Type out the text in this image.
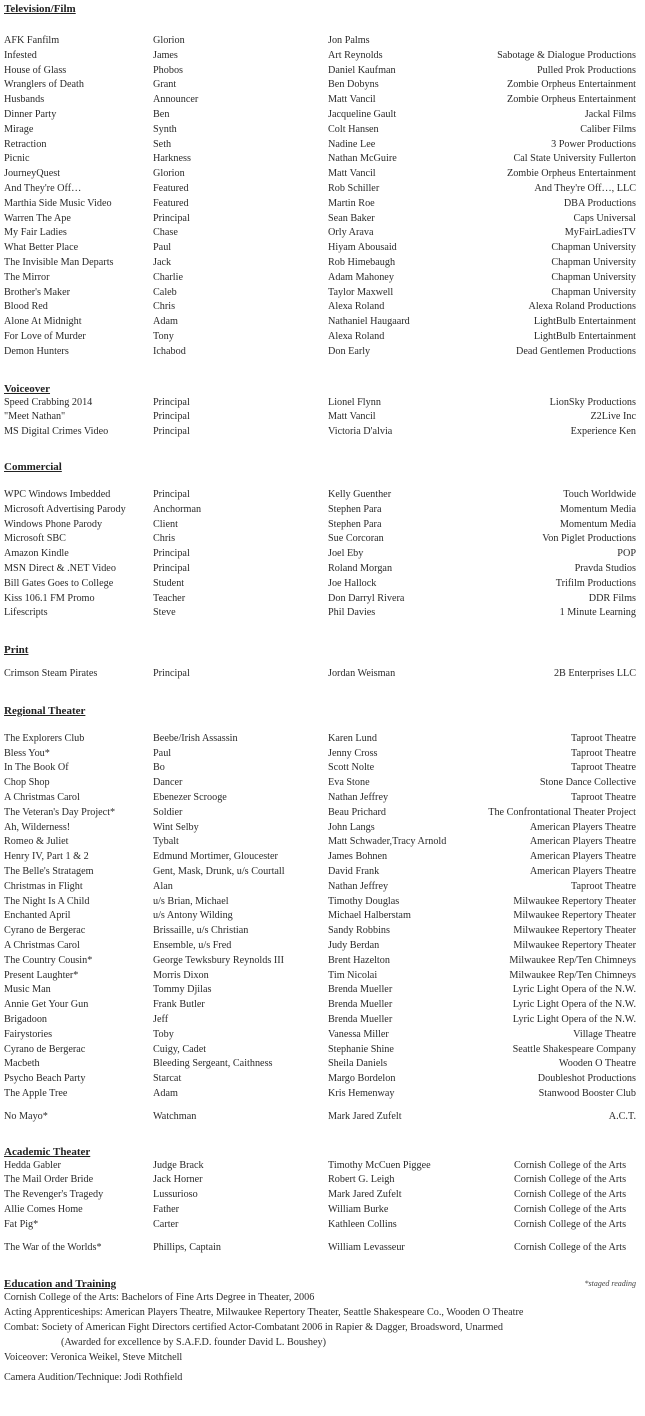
Television/Film
AFK Fanfilm	Glorion	Jon Palms
Infested	James	Art Reynolds	Sabotage & Dialogue Productions
House of Glass	Phobos	Daniel Kaufman	Pulled Prok Productions
Wranglers of Death	Grant	Ben Dobyns	Zombie Orpheus Entertainment
Husbands	Announcer	Matt Vancil	Zombie Orpheus Entertainment
Dinner Party	Ben	Jacqueline Gault	Jackal Films
Mirage	Synth	Colt Hansen	Caliber Films
Retraction	Seth	Nadine Lee	3 Power Productions
Picnic	Harkness	Nathan McGuire	Cal State University Fullerton
JourneyQuest	Glorion	Matt Vancil	Zombie Orpheus Entertainment
And They're Off…	Featured	Rob Schiller	And They're Off…, LLC
Marthia Side Music Video	Featured	Martin Roe	DBA Productions
Warren The Ape	Principal	Sean Baker	Caps Universal
My Fair Ladies	Chase	Orly Arava	MyFairLadiesTV
What Better Place	Paul	Hiyam Abousaid	Chapman University
The Invisible Man Departs	Jack	Rob Himebaugh	Chapman University
The Mirror	Charlie	Adam Mahoney	Chapman University
Brother's Maker	Caleb	Taylor Maxwell	Chapman University
Blood Red	Chris	Alexa Roland	Alexa Roland Productions
Alone At Midnight	Adam	Nathaniel Haugaard	LightBulb Entertainment
For Love of Murder	Tony	Alexa Roland	LightBulb Entertainment
Demon Hunters	Ichabod	Don Early	Dead Gentlemen Productions
Voiceover
Speed Crabbing 2014	Principal	Lionel Flynn	LionSky Productions
"Meet Nathan"	Principal	Matt Vancil	Z2Live Inc
MS Digital Crimes Video	Principal	Victoria D'alvia	Experience Ken
Commercial
WPC Windows Imbedded	Principal	Kelly Guenther	Touch Worldwide
Microsoft Advertising Parody	Anchorman	Stephen Para	Momentum Media
Windows Phone Parody	Client	Stephen Para	Momentum Media
Microsoft SBC	Chris	Sue Corcoran	Von Piglet Productions
Amazon Kindle	Principal	Joel Eby	POP
MSN Direct & .NET Video	Principal	Roland Morgan	Pravda Studios
Bill Gates Goes to College	Student	Joe Hallock	Trifilm Productions
Kiss 106.1 FM Promo	Teacher	Don Darryl Rivera	DDR Films
Lifescripts	Steve	Phil Davies	1 Minute Learning
Print
Crimson Steam Pirates	Principal	Jordan Weisman	2B Enterprises LLC
Regional Theater
The Explorers Club	Beebe/Irish Assassin	Karen Lund	Taproot Theatre
Bless You*	Paul	Jenny Cross	Taproot Theatre
In The Book Of	Bo	Scott Nolte	Taproot Theatre
Chop Shop	Dancer	Eva Stone	Stone Dance Collective
A Christmas Carol	Ebenezer Scrooge	Nathan Jeffrey	Taproot Theatre
The Veteran's Day Project*	Soldier	Beau Prichard	The Confrontational Theater Project
Ah, Wilderness!	Wint Selby	John Langs	American Players Theatre
Romeo & Juliet	Tybalt	Matt Schwader,Tracy Arnold	American Players Theatre
Henry IV, Part 1 & 2	Edmund Mortimer, Gloucester	James Bohnen	American Players Theatre
The Belle's Stratagem	Gent, Mask, Drunk, u/s Courtall	David Frank	American Players Theatre
Christmas in Flight	Alan	Nathan Jeffrey	Taproot Theatre
The Night Is A Child	u/s Brian, Michael	Timothy Douglas	Milwaukee Repertory Theater
Enchanted April	u/s Antony Wilding	Michael Halberstam	Milwaukee Repertory Theater
Cyrano de Bergerac	Brissaille, u/s Christian	Sandy Robbins	Milwaukee Repertory Theater
A Christmas Carol	Ensemble, u/s Fred	Judy Berdan	Milwaukee Repertory Theater
The Country Cousin*	George Tewksbury Reynolds III	Brent Hazelton	Milwaukee Rep/Ten Chimneys
Present Laughter*	Morris Dixon	Tim Nicolai	Milwaukee Rep/Ten Chimneys
Music Man	Tommy Djilas	Brenda Mueller	Lyric Light Opera of the N.W.
Annie Get Your Gun	Frank Butler	Brenda Mueller	Lyric Light Opera of the N.W.
Brigadoon	Jeff	Brenda Mueller	Lyric Light Opera of the N.W.
Fairystories	Toby	Vanessa Miller	Village Theatre
Cyrano de Bergerac	Cuigy, Cadet	Stephanie Shine	Seattle Shakespeare Company
Macbeth	Bleeding Sergeant, Caithness	Sheila Daniels	Wooden O Theatre
Psycho Beach Party	Starcat	Margo Bordelon	Doubleshot Productions
The Apple Tree	Adam	Kris Hemenway	Stanwood Booster Club
No Mayo*	Watchman	Mark Jared Zufelt	A.C.T.
Academic Theater
Hedda Gabler	Judge Brack	Timothy McCuen Piggee	Cornish College of the Arts
The Mail Order Bride	Jack Horner	Robert G. Leigh	Cornish College of the Arts
The Revenger's Tragedy	Lussurioso	Mark Jared Zufelt	Cornish College of the Arts
Allie Comes Home	Father	William Burke	Cornish College of the Arts
Fat Pig*	Carter	Kathleen Collins	Cornish College of the Arts
The War of the Worlds*	Phillips, Captain	William Levasseur	Cornish College of the Arts
Education and Training	*staged reading
Cornish College of the Arts: Bachelors of Fine Arts Degree in Theater, 2006
Acting Apprenticeships: American Players Theatre, Milwaukee Repertory Theater, Seattle Shakespeare Co., Wooden O Theatre
Combat: Society of American Fight Directors certified Actor-Combatant 2006 in Rapier & Dagger, Broadsword, Unarmed
(Awarded for excellence by S.A.F.D. founder David L. Boushey)
Voiceover: Veronica Weikel, Steve Mitchell
Camera Audition/Technique: Jodi Rothfield
